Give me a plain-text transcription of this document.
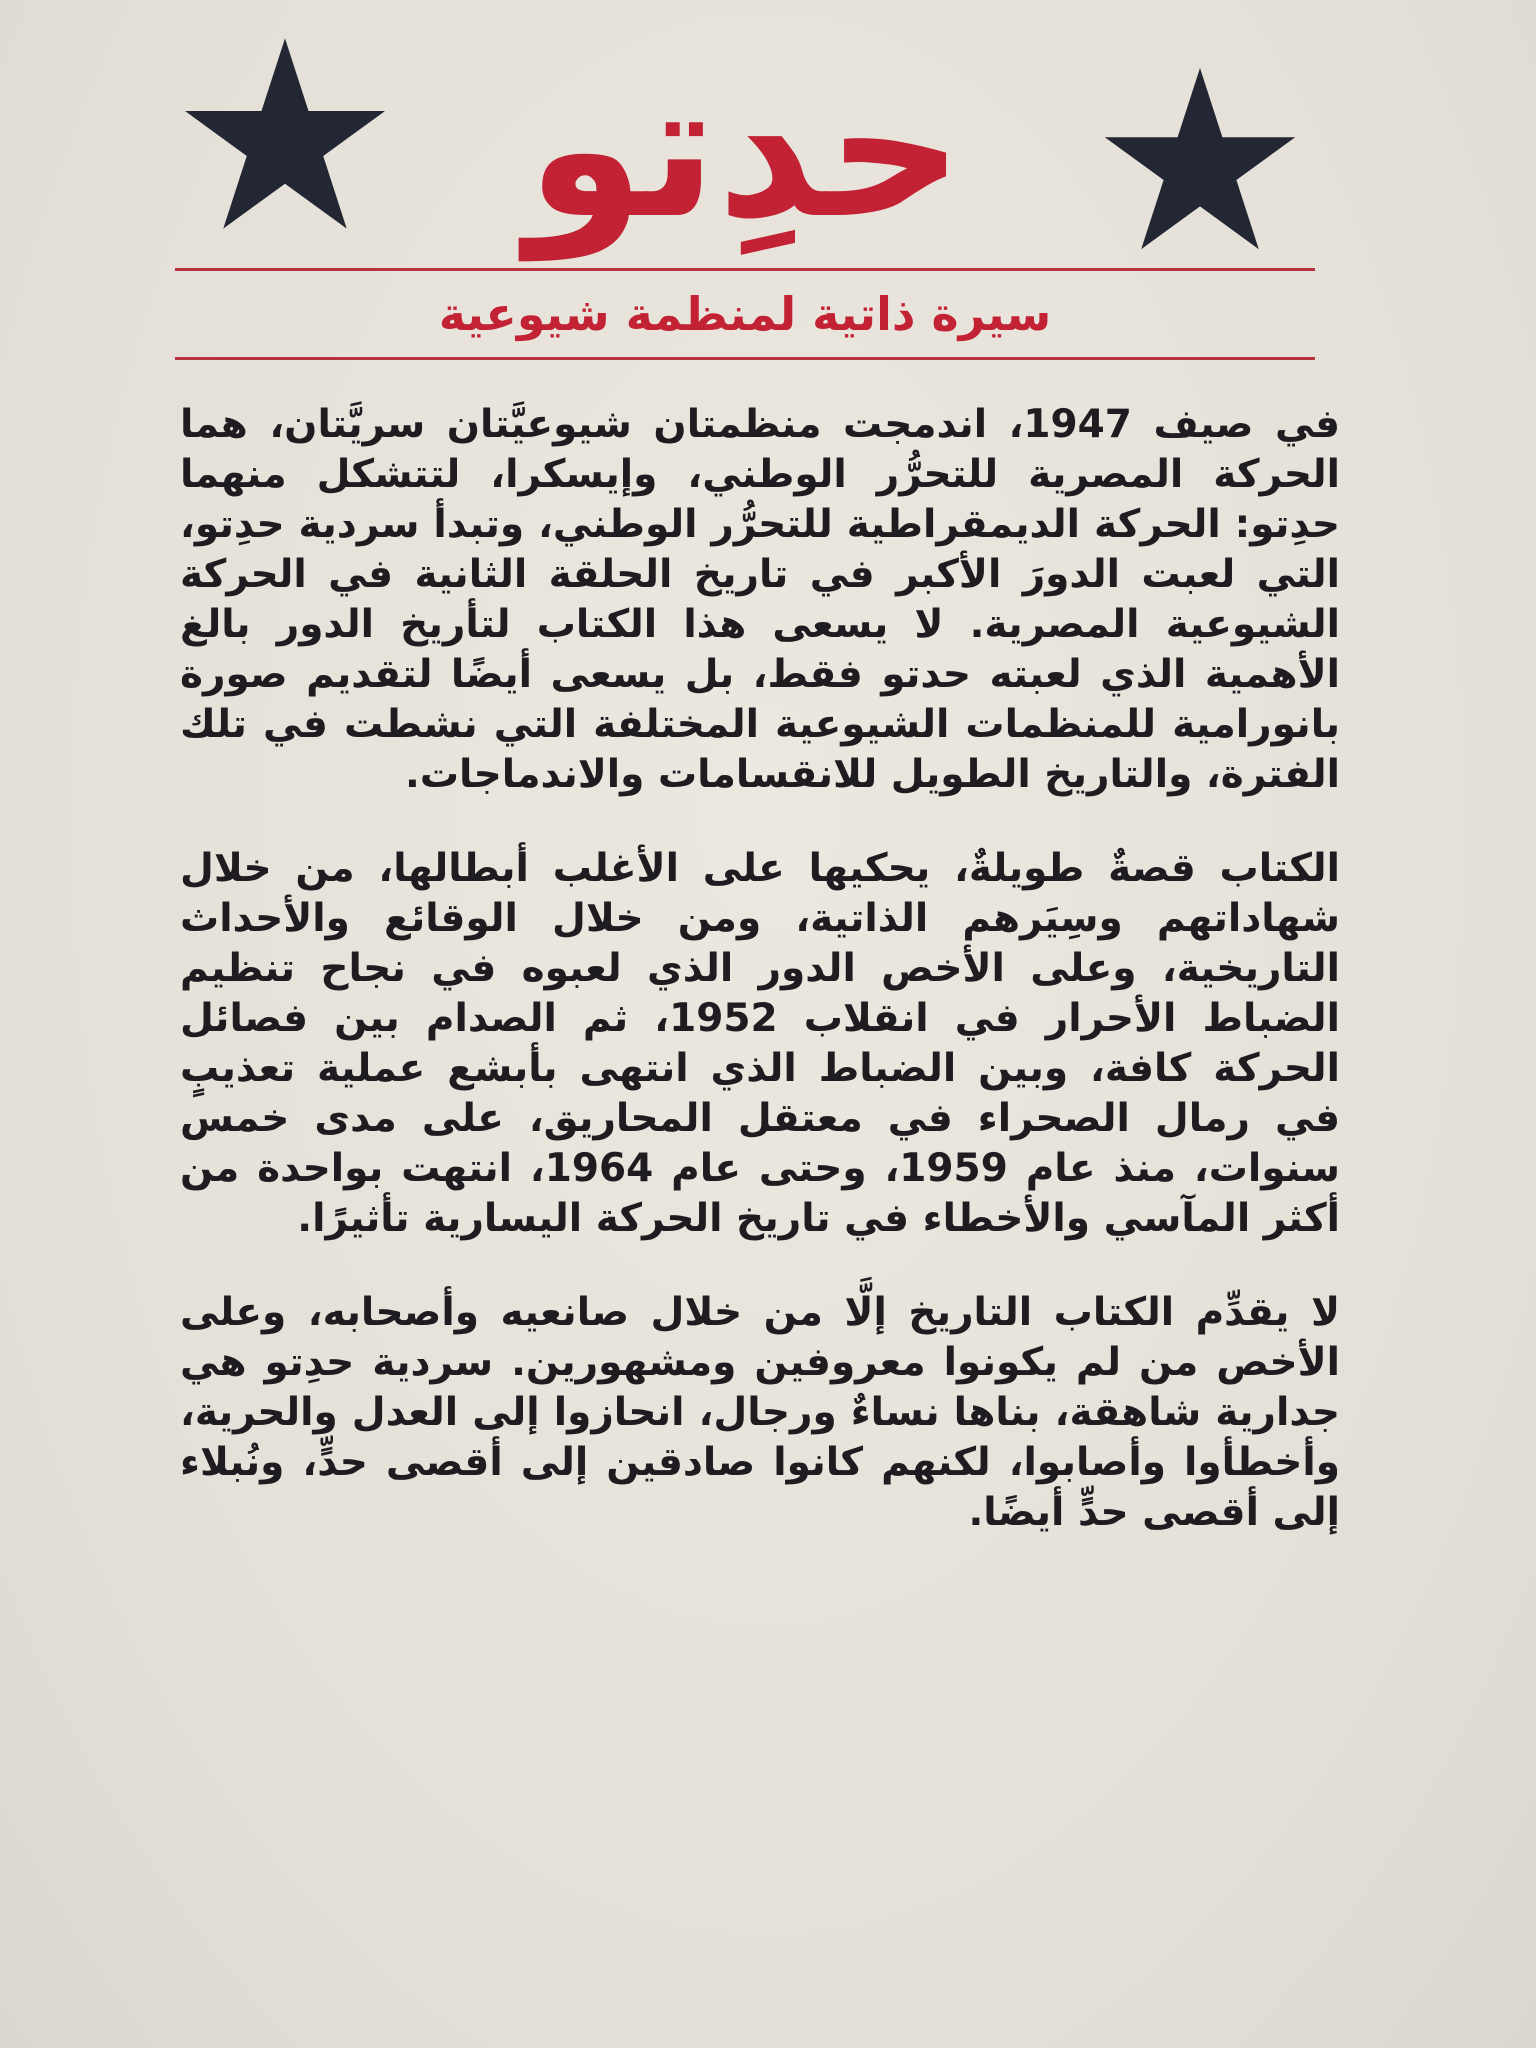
حدِتو
سيرة ذاتية لمنظمة شيوعية

في صيف 1947، اندمجت منظمتان شيوعيَّتان سريَّتان، هما الحركة المصرية للتحرُّر الوطني، وإيسكرا، لتتشكل منهما حدِتو: الحركة الديمقراطية للتحرُّر الوطني، وتبدأ سردية حدِتو، التي لعبت الدورَ الأكبر في تاريخ الحلقة الثانية في الحركة الشيوعية المصرية. لا يسعى هذا الكتاب لتأريخ الدور بالغ الأهمية الذي لعبته حدتو فقط، بل يسعى أيضًا لتقديم صورة بانورامية للمنظمات الشيوعية المختلفة التي نشطت في تلك الفترة، والتاريخ الطويل للانقسامات والاندماجات.

الكتاب قصةٌ طويلةٌ، يحكيها على الأغلب أبطالها، من خلال شهاداتهم وسِيَرهم الذاتية، ومن خلال الوقائع والأحداث التاريخية، وعلى الأخص الدور الذي لعبوه في نجاح تنظيم الضباط الأحرار في انقلاب 1952، ثم الصدام بين فصائل الحركة كافة، وبين الضباط الذي انتهى بأبشع عملية تعذيبٍ في رمال الصحراء في معتقل المحاريق، على مدى خمس سنوات، منذ عام 1959، وحتى عام 1964، انتهت بواحدة من أكثر المآسي والأخطاء في تاريخ الحركة اليسارية تأثيرًا.

لا يقدِّم الكتاب التاريخ إلَّا من خلال صانعيه وأصحابه، وعلى الأخص من لم يكونوا معروفين ومشهورين. سردية حدِتو هي جدارية شاهقة، بناها نساءٌ ورجال، انحازوا إلى العدل والحرية، وأخطأوا وأصابوا، لكنهم كانوا صادقين إلى أقصى حدٍّ، ونُبلاء إلى أقصى حدٍّ أيضًا.
